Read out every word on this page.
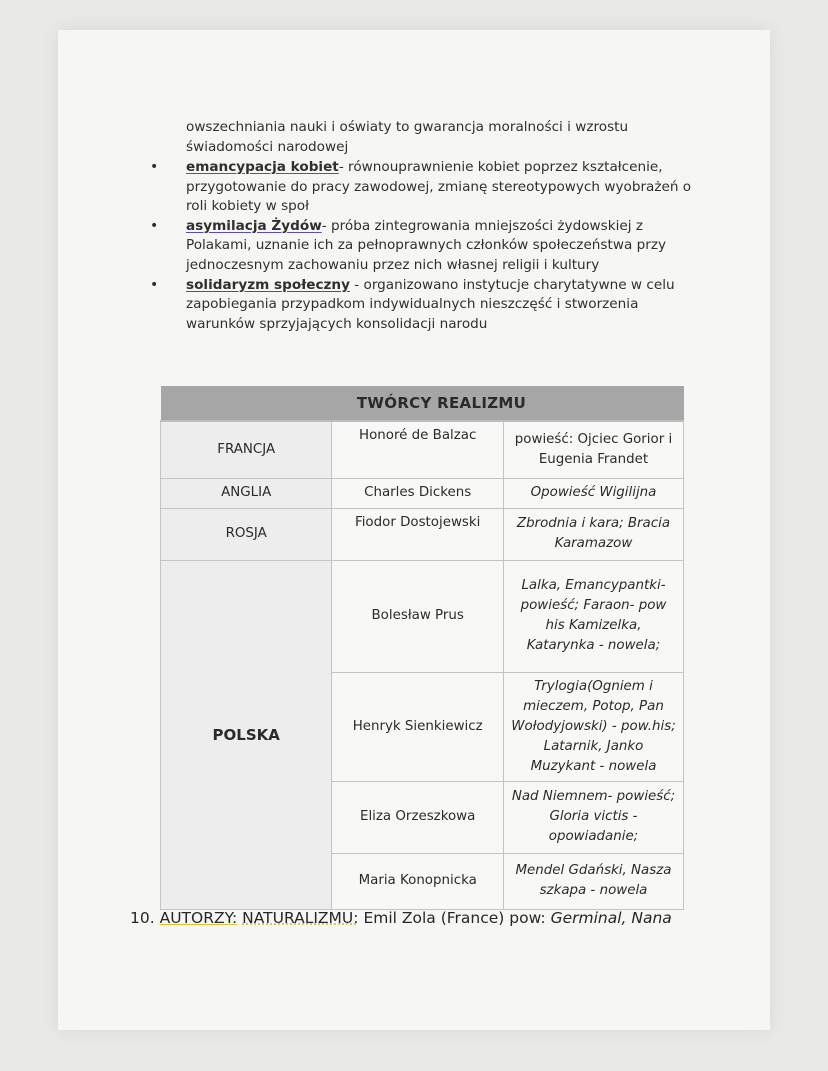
owszechniania nauki i oświaty to gwarancja moralności i wzrostu świadomości narodowej
• emancypacja kobiet- równouprawnienie kobiet poprzez kształcenie, przygotowanie do pracy zawodowej, zmianę stereotypowych wyobrażeń o roli kobiety w społ
• asymilacja Żydów- próba zintegrowania mniejszości żydowskiej z Polakami, uznanie ich za pełnoprawnych członków społeczeństwa przy jednoczesnym zachowaniu przez nich własnej religii i kultury
• solidaryzm społeczny - organizowano instytucje charytatywne w celu zapobiegania przypadkom indywidualnych nieszczęść i stworzenia warunków sprzyjających konsolidacji narodu
TWÓRCY REALIZMU		
FRANCJA	Honoré de Balzac	powieść: Ojciec Gorior i Eugenia Frandet
ANGLIA	Charles Dickens	Opowieść Wigilijna
ROSJA	Fiodor Dostojewski	Zbrodnia i kara; Bracia Karamazow
POLSKA	Bolesław Prus	Lalka, Emancypantki- powieść; Faraon- pow his Kamizelka, Katarynka - nowela;
	Henryk Sienkiewicz	Trylogia(Ogniem i mieczem, Potop, Pan Wołodyjowski) - pow.his; Latarnik, Janko Muzykant - nowela
	Eliza Orzeszkowa	Nad Niemnem- powieść; Gloria victis - opowiadanie;
	Maria Konopnicka	Mendel Gdański, Nasza szkapa - nowela
10. AUTORZY: NATURALIZMU: Emil Zola (France) pow: Germinal, Nana
